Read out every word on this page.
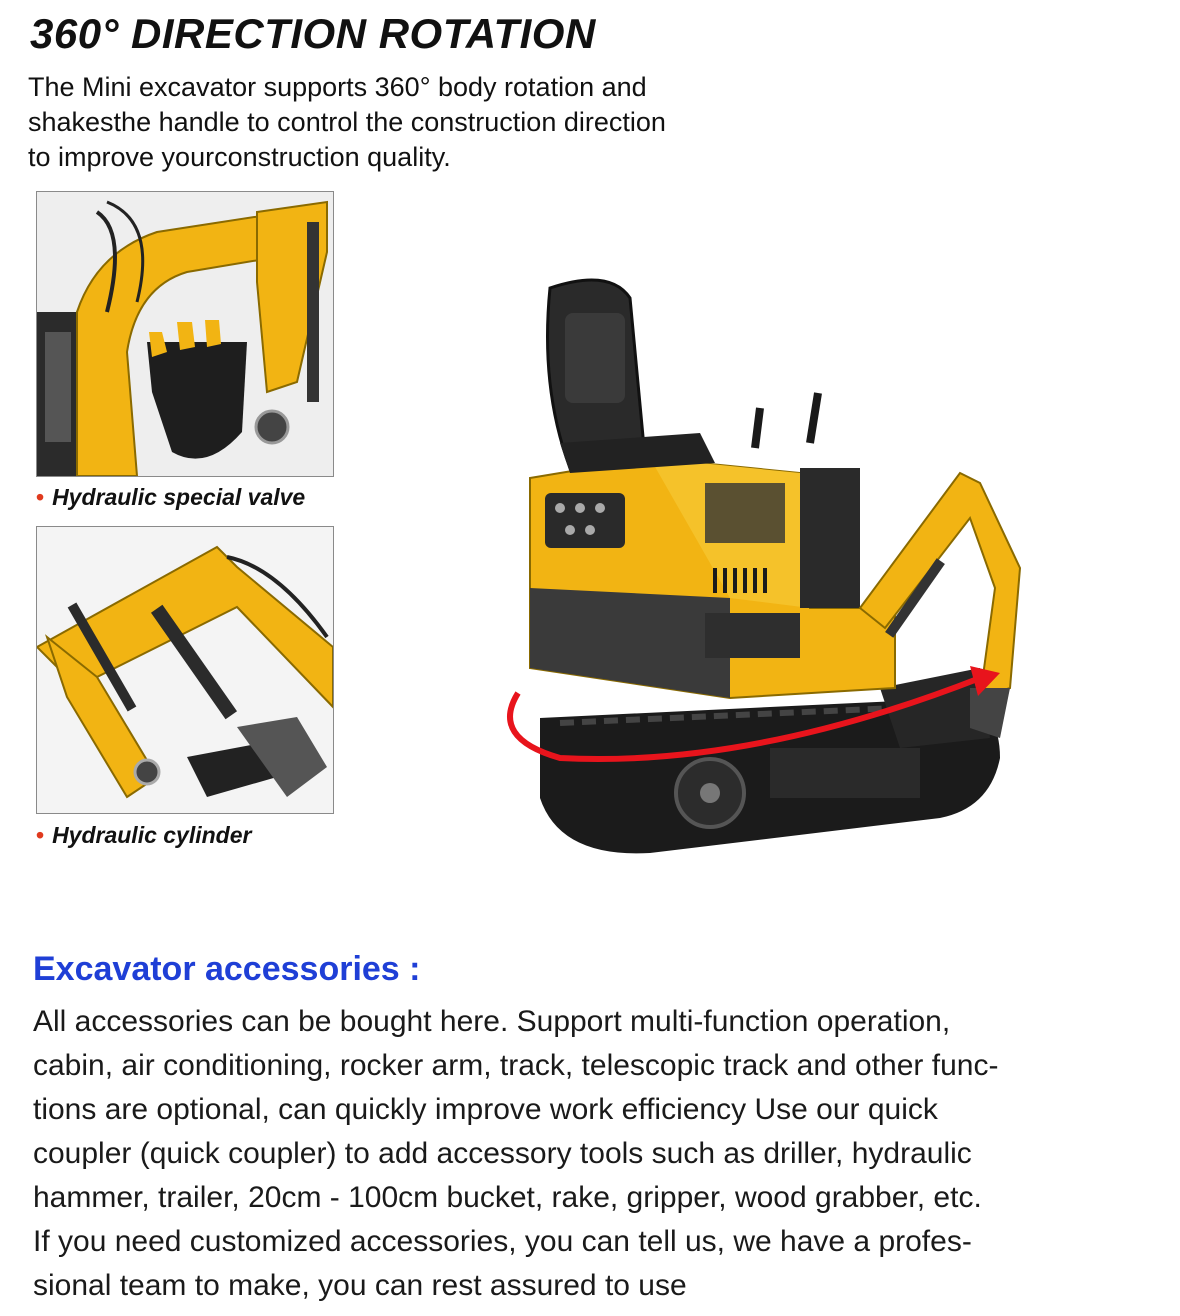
360° DIRECTION ROTATION
The Mini excavator supports 360° body rotation and
shakesthe handle to control the construction direction
to improve yourconstruction quality.
• Hydraulic special valve
• Hydraulic cylinder
Excavator accessories :
All accessories can be bought here. Support multi-function operation,
cabin, air conditioning, rocker arm, track, telescopic track and other func-
tions are optional, can quickly improve work efficiency Use our quick
coupler (quick coupler) to add accessory tools such as driller, hydraulic
hammer, trailer, 20cm - 100cm bucket, rake, gripper, wood grabber, etc.
If you need customized accessories, you can tell us, we have a profes-
sional team to make, you can rest assured to use
